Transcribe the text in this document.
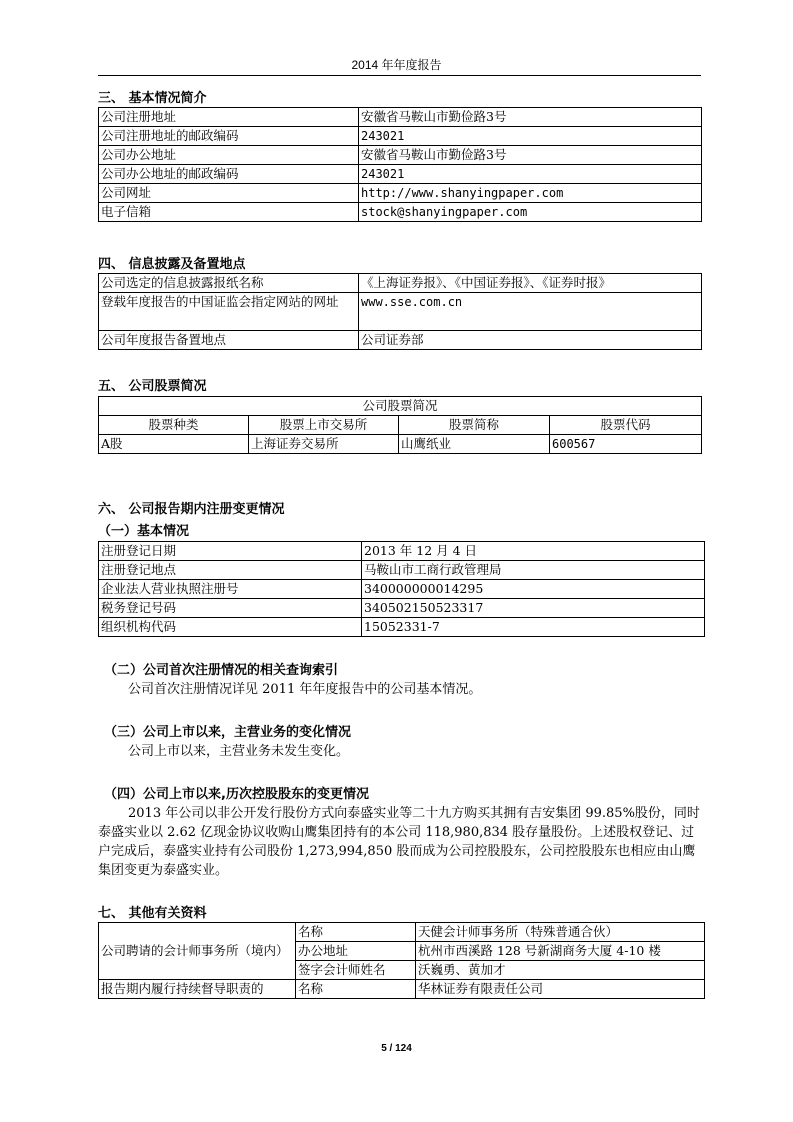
2014 年年度报告
三、 基本情况简介
公司注册地址	安徽省马鞍山市勤俭路3号
公司注册地址的邮政编码	243021
公司办公地址	安徽省马鞍山市勤俭路3号
公司办公地址的邮政编码	243021
公司网址	http://www.shanyingpaper.com
电子信箱	stock@shanyingpaper.com
四、 信息披露及备置地点
公司选定的信息披露报纸名称	《上海证券报》、《中国证券报》、《证券时报》
登载年度报告的中国证监会指定网站的网址	www.sse.com.cn
公司年度报告备置地点	公司证券部
五、 公司股票简况
公司股票简况			
股票种类	股票上市交易所	股票简称	股票代码
A股	上海证券交易所	山鹰纸业	600567
六、 公司报告期内注册变更情况
（一）基本情况
注册登记日期	2013 年 12 月 4 日
注册登记地点	马鞍山市工商行政管理局
企业法人营业执照注册号	340000000014295
税务登记号码	340502150523317
组织机构代码	15052331-7
（二）公司首次注册情况的相关查询索引
公司首次注册情况详见 2011 年年度报告中的公司基本情况。
（三）公司上市以来，主营业务的变化情况
公司上市以来，主营业务未发生变化。
（四）公司上市以来,历次控股股东的变更情况
2013 年公司以非公开发行股份方式向泰盛实业等二十九方购买其拥有吉安集团 99.85%股份，同时泰盛实业以 2.62 亿现金协议收购山鹰集团持有的本公司 118,980,834 股存量股份。上述股权登记、过户完成后，泰盛实业持有公司股份 1,273,994,850 股而成为公司控股股东，公司控股股东也相应由山鹰集团变更为泰盛实业。
七、 其他有关资料
公司聘请的会计师事务所（境内）	名称	天健会计师事务所（特殊普通合伙）
	办公地址	杭州市西溪路 128 号新湖商务大厦 4-10 楼
	签字会计师姓名	沃巍勇、黄加才
报告期内履行持续督导职责的	名称	华林证券有限责任公司
5 / 124
